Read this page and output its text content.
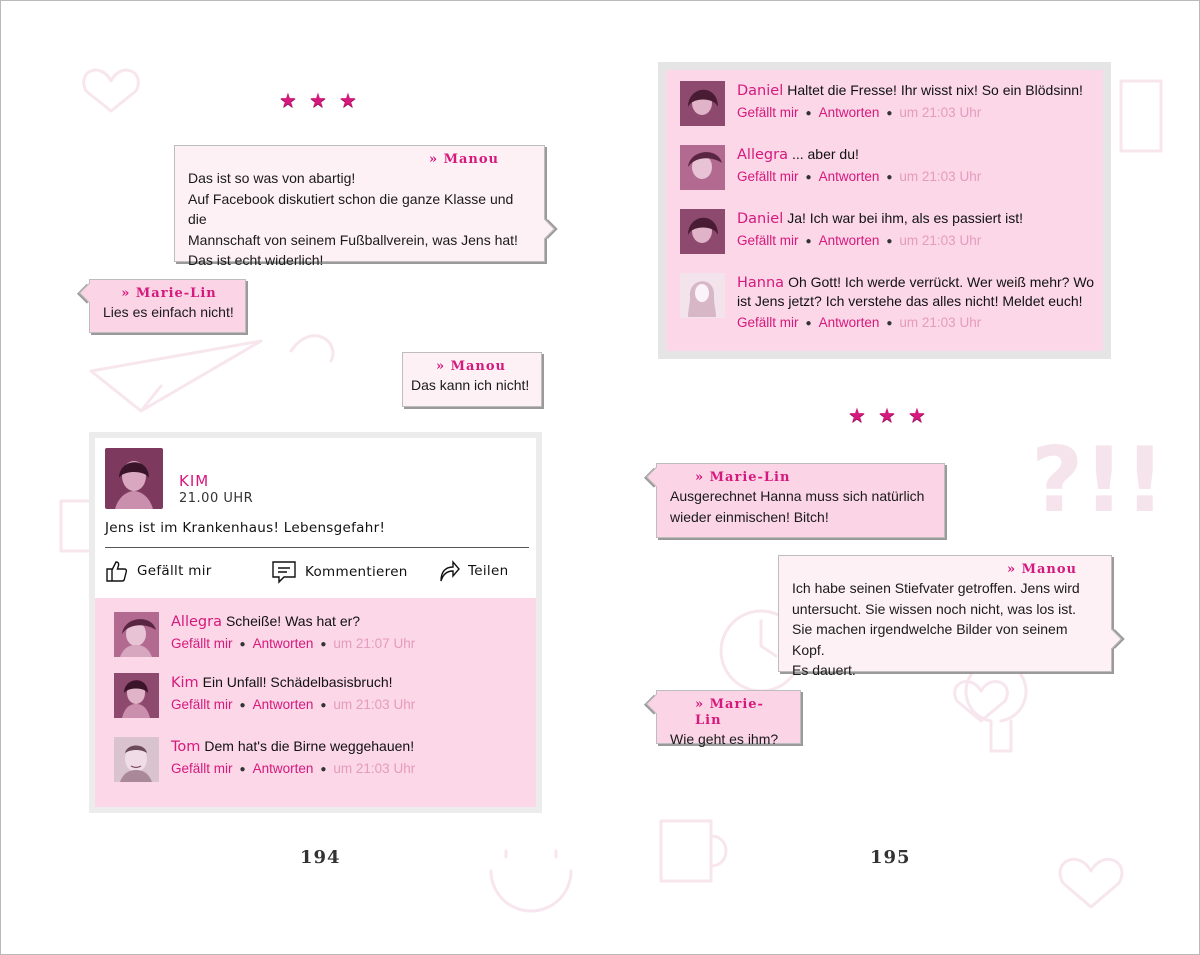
?!!
★ ★ ★
» Manou
Das ist so was von abartig!
Auf Facebook diskutiert schon die ganze Klasse und die
Mannschaft von seinem Fußballverein, was Jens hat!
Das ist echt widerlich!
» Marie-Lin
Lies es einfach nicht!
» Manou
Das kann ich nicht!
KIM
21.00 UHR
Jens ist im Krankenhaus! Lebensgefahr!
Gefällt mir	Kommentieren	Teilen
Allegra Scheiße! Was hat er?
Gefällt mir ● Antworten ● um 21:07 Uhr
Kim Ein Unfall! Schädelbasisbruch!
Gefällt mir ● Antworten ● um 21:03 Uhr
Tom Dem hat's die Birne weggehauen!
Gefällt mir ● Antworten ● um 21:03 Uhr
194
Daniel Haltet die Fresse! Ihr wisst nix! So ein Blödsinn!
Gefällt mir ● Antworten ● um 21:03 Uhr
Allegra ... aber du!
Gefällt mir ● Antworten ● um 21:03 Uhr
Daniel Ja! Ich war bei ihm, als es passiert ist!
Gefällt mir ● Antworten ● um 21:03 Uhr
Hanna Oh Gott! Ich werde verrückt. Wer weiß mehr? Wo
ist Jens jetzt? Ich verstehe das alles nicht! Meldet euch!
Gefällt mir ● Antworten ● um 21:03 Uhr
★ ★ ★
» Marie-Lin
Ausgerechnet Hanna muss sich natürlich
wieder einmischen! Bitch!
» Manou
Ich habe seinen Stiefvater getroffen. Jens wird
untersucht. Sie wissen noch nicht, was los ist.
Sie machen irgendwelche Bilder von seinem Kopf.
Es dauert.
» Marie-Lin
Wie geht es ihm?
195
